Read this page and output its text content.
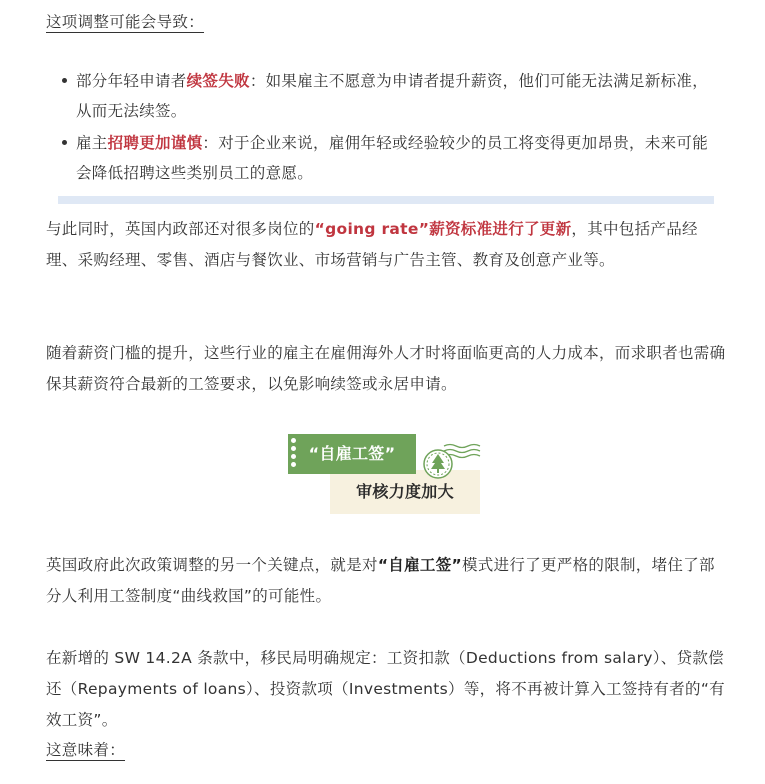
这项调整可能会导致：
部分年轻申请者续签失败：如果雇主不愿意为申请者提升薪资，他们可能无法满足新标准，从而无法续签。
雇主招聘更加谨慎：对于企业来说，雇佣年轻或经验较少的员工将变得更加昂贵，未来可能会降低招聘这些类别员工的意愿。

与此同时，英国内政部还对很多岗位的“going rate”薪资标准进行了更新，其中包括产品经理、采购经理、零售、酒店与餐饮业、市场营销与广告主管、教育及创意产业等。

随着薪资门槛的提升，这些行业的雇主在雇佣海外人才时将面临更高的人力成本，而求职者也需确保其薪资符合最新的工签要求，以免影响续签或永居申请。

审核力度加大
“自雇工签”

英国政府此次政策调整的另一个关键点，就是对“自雇工签”模式进行了更严格的限制，堵住了部分人利用工签制度“曲线救国”的可能性。

在新增的 SW 14.2A 条款中，移民局明确规定：工资扣款（Deductions from salary）、贷款偿还（Repayments of loans）、投资款项（Investments）等，将不再被计算入工签持有者的“有效工资”。

这意味着：
